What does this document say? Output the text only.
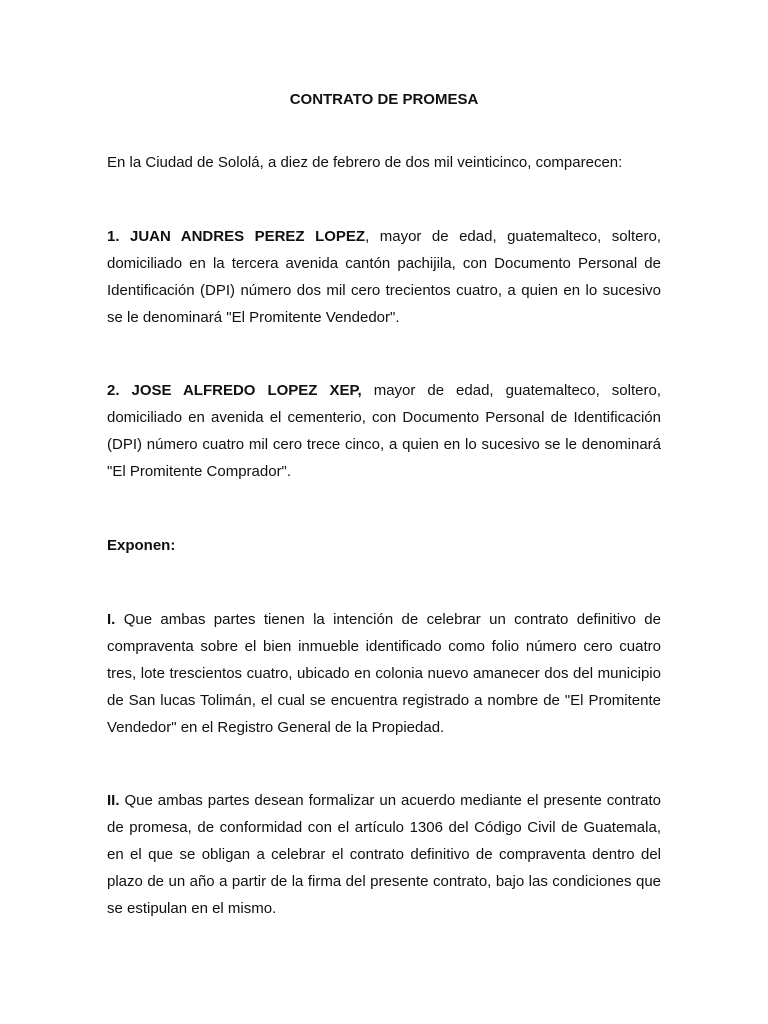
CONTRATO DE PROMESA

En la Ciudad de Sololá, a diez de febrero de dos mil veinticinco, comparecen:

1. JUAN ANDRES PEREZ LOPEZ, mayor de edad, guatemalteco, soltero, domiciliado en la tercera avenida cantón pachijila, con Documento Personal de Identificación (DPI) número dos mil cero trecientos cuatro, a quien en lo sucesivo se le denominará "El Promitente Vendedor".

2. JOSE ALFREDO LOPEZ XEP, mayor de edad, guatemalteco, soltero, domiciliado en avenida el cementerio, con Documento Personal de Identificación (DPI) número cuatro mil cero trece cinco, a quien en lo sucesivo se le denominará "El Promitente Comprador".

Exponen:

I. Que ambas partes tienen la intención de celebrar un contrato definitivo de compraventa sobre el bien inmueble identificado como folio número cero cuatro tres, lote trescientos cuatro, ubicado en colonia nuevo amanecer dos del municipio de San lucas Tolimán, el cual se encuentra registrado a nombre de "El Promitente Vendedor" en el Registro General de la Propiedad.

II. Que ambas partes desean formalizar un acuerdo mediante el presente contrato de promesa, de conformidad con el artículo 1306 del Código Civil de Guatemala, en el que se obligan a celebrar el contrato definitivo de compraventa dentro del plazo de un año a partir de la firma del presente contrato, bajo las condiciones que se estipulan en el mismo.
